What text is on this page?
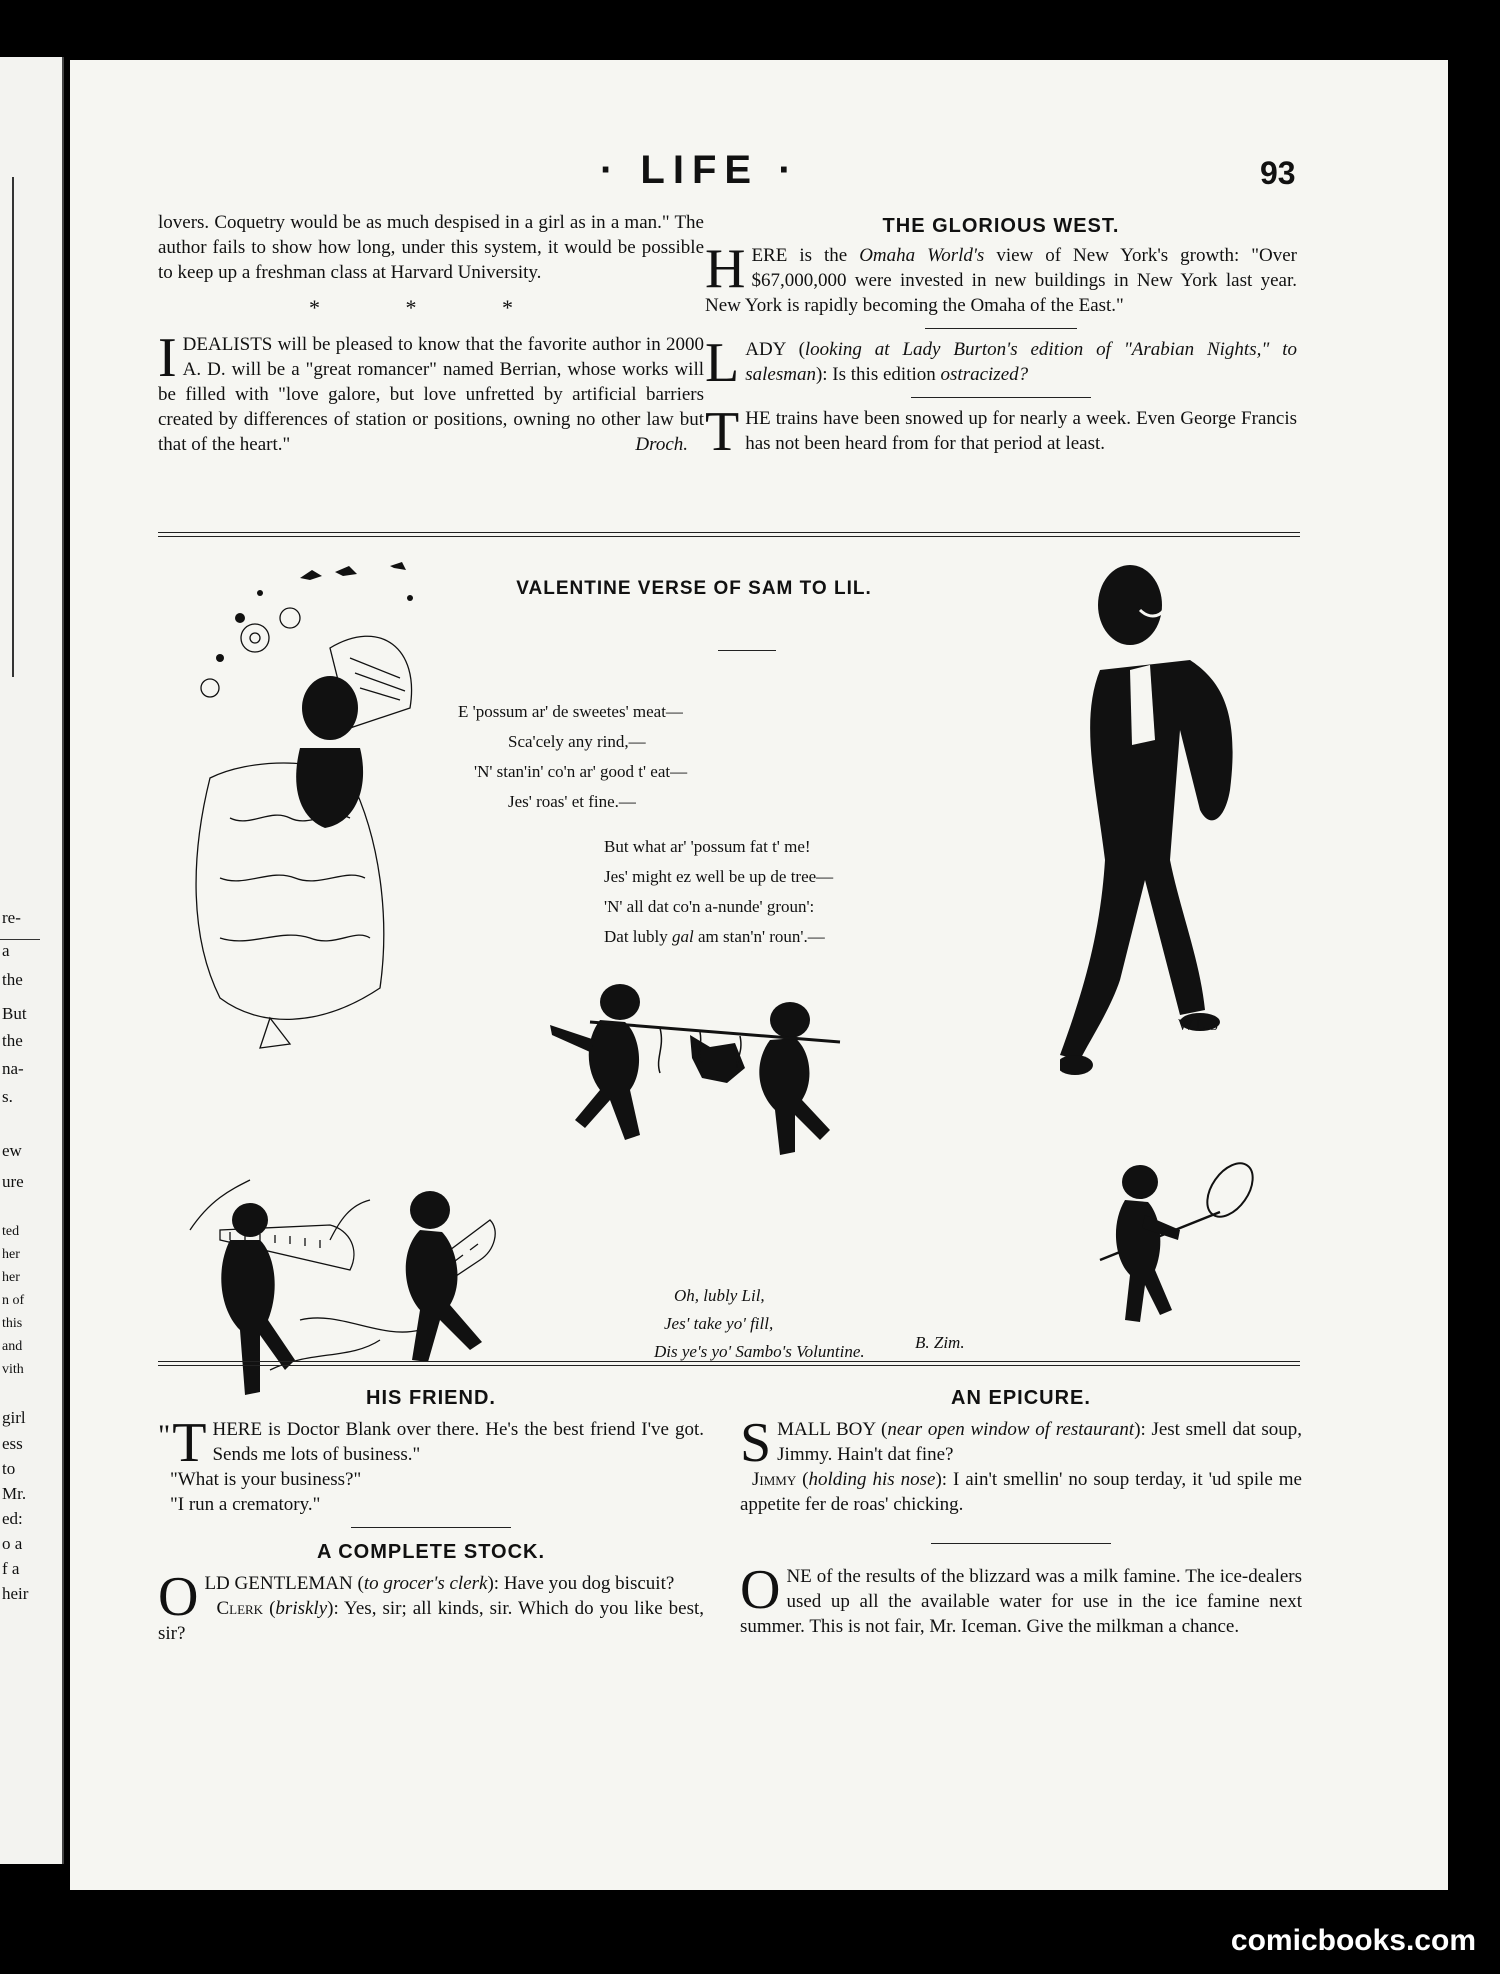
re-
a
the
But
the
na-
s.
ew
ure
ted
her
her
n of
this
and
vith
girl
ess
to
Mr.
ed:
o a
f a
heir
· LIFE ·	93

lovers. Coquetry would be as much despised in a girl as in a man." The author fails to show how long, under this system, it would be possible to keep up a freshman class at Harvard University.

* * *

IDEALISTS will be pleased to know that the favorite author in 2000 A. D. will be a "great romancer" named Berrian, whose works will be filled with "love galore, but love unfretted by artificial barriers created by differences of station or positions, owning no other law but that of the heart."	Droch.
THE GLORIOUS WEST.

HERE is the Omaha World's view of New York's growth: "Over $67,000,000 were invested in new buildings in New York last year. New York is rapidly becoming the Omaha of the East."

LADY (looking at Lady Burton's edition of "Arabian Nights," to salesman): Is this edition ostracized?

THE trains have been snowed up for nearly a week. Even George Francis has not been heard from for that period at least.

VALENTINE VERSE OF SAM TO LIL.
E 'possum ar' de sweetes' meat—
Sca'cely any rind,—
'N' stan'in' co'n ar' good t' eat—
Jes' roas' et fine.—
But what ar' 'possum fat t' me!
Jes' might ez well be up de tree—
'N' all dat co'n a-nunde' groun':
Dat lubly gal am stan'n' roun'.—
Oh, lubly Lil,
Jes' take yo' fill,
Dis ye's yo' Sambo's Voluntine.	B. Zim.
W.L.S
HIS FRIEND.

" T HERE is Doctor Blank over there. He's the best friend I've got. Sends me lots of business."

"What is your business?"

"I run a crematory."

A COMPLETE STOCK.

OLD GENTLEMAN (to grocer's clerk): Have you dog biscuit?

Clerk (briskly): Yes, sir; all kinds, sir. Which do you like best, sir?

AN EPICURE.

SMALL BOY (near open window of restaurant): Jest smell dat soup, Jimmy. Hain't dat fine?

Jimmy (holding his nose): I ain't smellin' no soup terday, it 'ud spile me appetite fer de roas' chicking.

ONE of the results of the blizzard was a milk famine. The ice-dealers used up all the available water for use in the ice famine next summer. This is not fair, Mr. Iceman. Give the milkman a chance.

comicbooks.com
